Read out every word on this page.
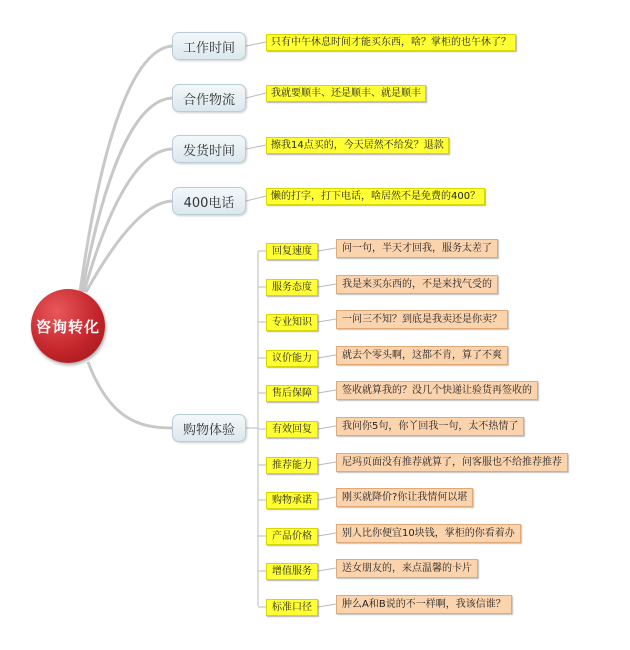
咨询转化
工作时间	只有中午休息时间才能买东西，啥？掌柜的也午休了？
合作物流	我就要顺丰、还是顺丰、就是顺丰
发货时间	擦我14点买的，今天居然不给发？退款
400电话	懒的打字，打下电话，啥居然不是免费的400？
购物体验
回复速度	问一句，半天才回我，服务太差了
服务态度	我是来买东西的，不是来找气受的
专业知识	一问三不知？到底是我卖还是你卖？
议价能力	就去个零头啊，这都不肯，算了不爽
售后保障	签收就算我的？没几个快递让验货再签收的
有效回复	我问你5句，你丫回我一句，太不热情了
推荐能力	尼玛页面没有推荐就算了，问客服也不给推荐推荐
购物承诺	刚买就降价?你让我情何以堪
产品价格	别人比你便宜10块钱，掌柜的你看着办
增值服务	送女朋友的，来点温馨的卡片
标准口径	肿么A和B说的不一样啊，我该信谁？
